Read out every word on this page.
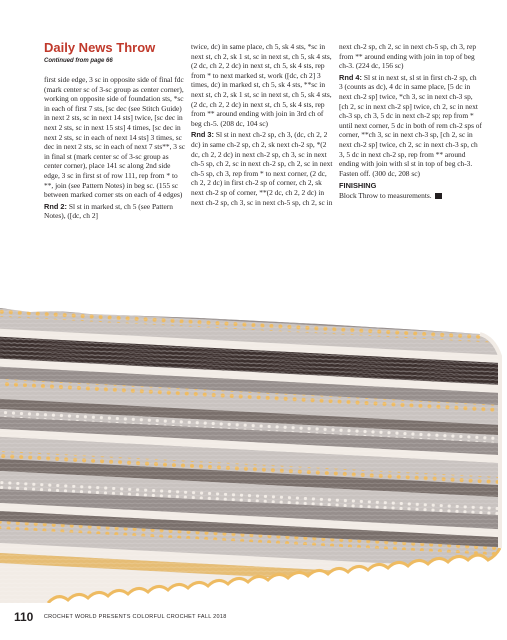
Daily News Throw
Continued from page 66

first side edge, 3 sc in opposite side of final fdc (mark center sc of 3-sc group as center corner), working on opposite side of foundation sts, *sc in each of first 7 sts, [sc dec (see Stitch Guide) in next 2 sts, sc in next 14 sts] twice, [sc dec in next 2 sts, sc in next 15 sts] 4 times, [sc dec in next 2 sts, sc in each of next 14 sts] 3 times, sc dec in next 2 sts, sc in each of next 7 sts**, 3 sc in final st (mark center sc of 3-sc group as center corner), place 141 sc along 2nd side edge, 3 sc in first st of row 111, rep from * to **, join (see Pattern Notes) in beg sc. (155 sc between marked corner sts on each of 4 edges)

Rnd 2: Sl st in marked st, ch 5 (see Pattern Notes), ([dc, ch 2]

twice, dc) in same place, ch 5, sk 4 sts, *sc in next st, ch 2, sk 1 st, sc in next st, ch 5, sk 4 sts, (2 dc, ch 2, 2 dc) in next st, ch 5, sk 4 sts, rep from * to next marked st, work ([dc, ch 2] 3 times, dc) in marked st, ch 5, sk 4 sts, **sc in next st, ch 2, sk 1 st, sc in next st, ch 5, sk 4 sts, (2 dc, ch 2, 2 dc) in next st, ch 5, sk 4 sts, rep from ** around ending with join in 3rd ch of beg ch-5. (208 dc, 104 sc)

Rnd 3: Sl st in next ch-2 sp, ch 3, (dc, ch 2, 2 dc) in same ch-2 sp, ch 2, sk next ch-2 sp, *(2 dc, ch 2, 2 dc) in next ch-2 sp, ch 3, sc in next ch-5 sp, ch 2, sc in next ch-2 sp, ch 2, sc in next ch-5 sp, ch 3, rep from * to next corner, (2 dc, ch 2, 2 dc) in first ch-2 sp of corner, ch 2, sk next ch-2 sp of corner, **(2 dc, ch 2, 2 dc) in next ch-2 sp, ch 3, sc in next ch-5 sp, ch 2, sc in

next ch-2 sp, ch 2, sc in next ch-5 sp, ch 3, rep from ** around ending with join in top of beg ch-3. (224 dc, 156 sc)

Rnd 4: Sl st in next st, sl st in first ch-2 sp, ch 3 (counts as dc), 4 dc in same place, [5 dc in next ch-2 sp] twice, *ch 3, sc in next ch-3 sp, [ch 2, sc in next ch-2 sp] twice, ch 2, sc in next ch-3 sp, ch 3, 5 dc in next ch-2 sp; rep from * until next corner, 5 dc in both of rem ch-2 sps of corner, **ch 3, sc in next ch-3 sp, [ch 2, sc in next ch-2 sp] twice, ch 2, sc in next ch-3 sp, ch 3, 5 dc in next ch-2 sp, rep from ** around ending with join with sl st in top of beg ch-3. Fasten off. (300 dc, 208 sc)

FINISHING

Block Throw to measurements.

110 CROCHET WORLD PRESENTS COLORFUL CROCHET FALL 2018
